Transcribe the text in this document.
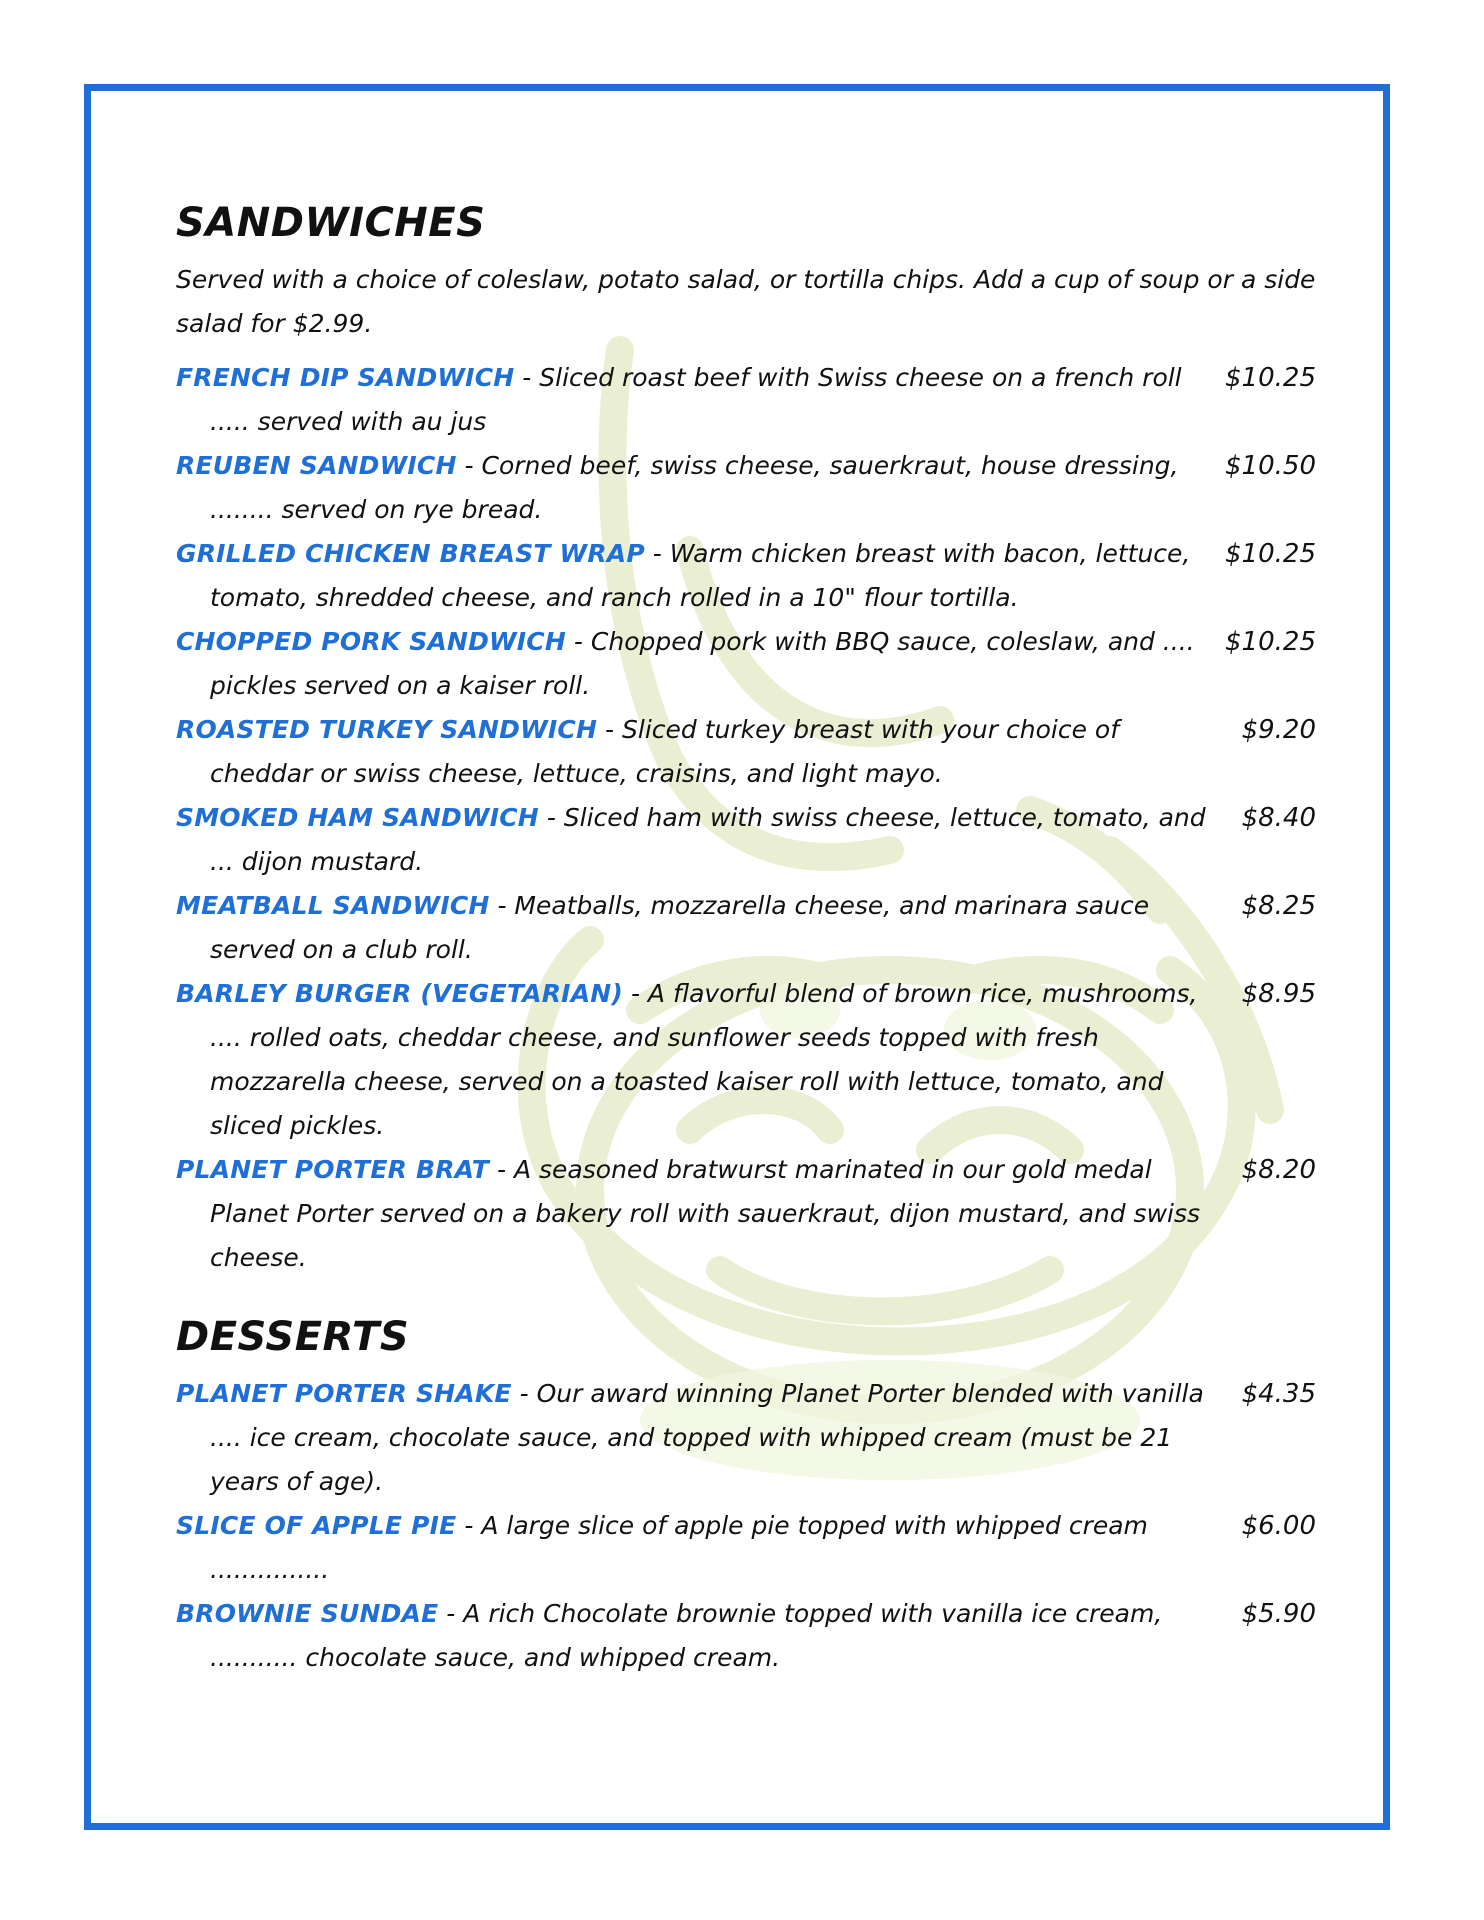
SANDWICHES
Served with a choice of coleslaw, potato salad, or tortilla chips. Add a cup of soup or a side salad for $2.99.
FRENCH DIP SANDWICH - Sliced roast beef with Swiss cheese on a french roll ..... served with au jus
$10.25
REUBEN SANDWICH - Corned beef, swiss cheese, sauerkraut, house dressing, ........ served on rye bread.
$10.50
GRILLED CHICKEN BREAST WRAP - Warm chicken breast with bacon, lettuce, tomato, shredded cheese, and ranch rolled in a 10" flour tortilla.
$10.25
CHOPPED PORK SANDWICH - Chopped pork with BBQ sauce, coleslaw, and .... pickles served on a kaiser roll.
$10.25
ROASTED TURKEY SANDWICH - Sliced turkey breast with your choice of cheddar or swiss cheese, lettuce, craisins, and light mayo.
$9.20
SMOKED HAM SANDWICH - Sliced ham with swiss cheese, lettuce, tomato, and ... dijon mustard.
$8.40
MEATBALL SANDWICH - Meatballs, mozzarella cheese, and marinara sauce served on a club roll.
$8.25
BARLEY BURGER (VEGETARIAN) - A flavorful blend of brown rice, mushrooms, .... rolled oats, cheddar cheese, and sunflower seeds topped with fresh mozzarella cheese, served on a toasted kaiser roll with lettuce, tomato, and sliced pickles.
$8.95
PLANET PORTER BRAT - A seasoned bratwurst marinated in our gold medal Planet Porter served on a bakery roll with sauerkraut, dijon mustard, and swiss cheese.
$8.20
DESSERTS
PLANET PORTER SHAKE - Our award winning Planet Porter blended with vanilla .... ice cream, chocolate sauce, and topped with whipped cream (must be 21 years of age).
$4.35
SLICE OF APPLE PIE - A large slice of apple pie topped with whipped cream ...............
$6.00
BROWNIE SUNDAE - A rich Chocolate brownie topped with vanilla ice cream, ........... chocolate sauce, and whipped cream.
$5.90
